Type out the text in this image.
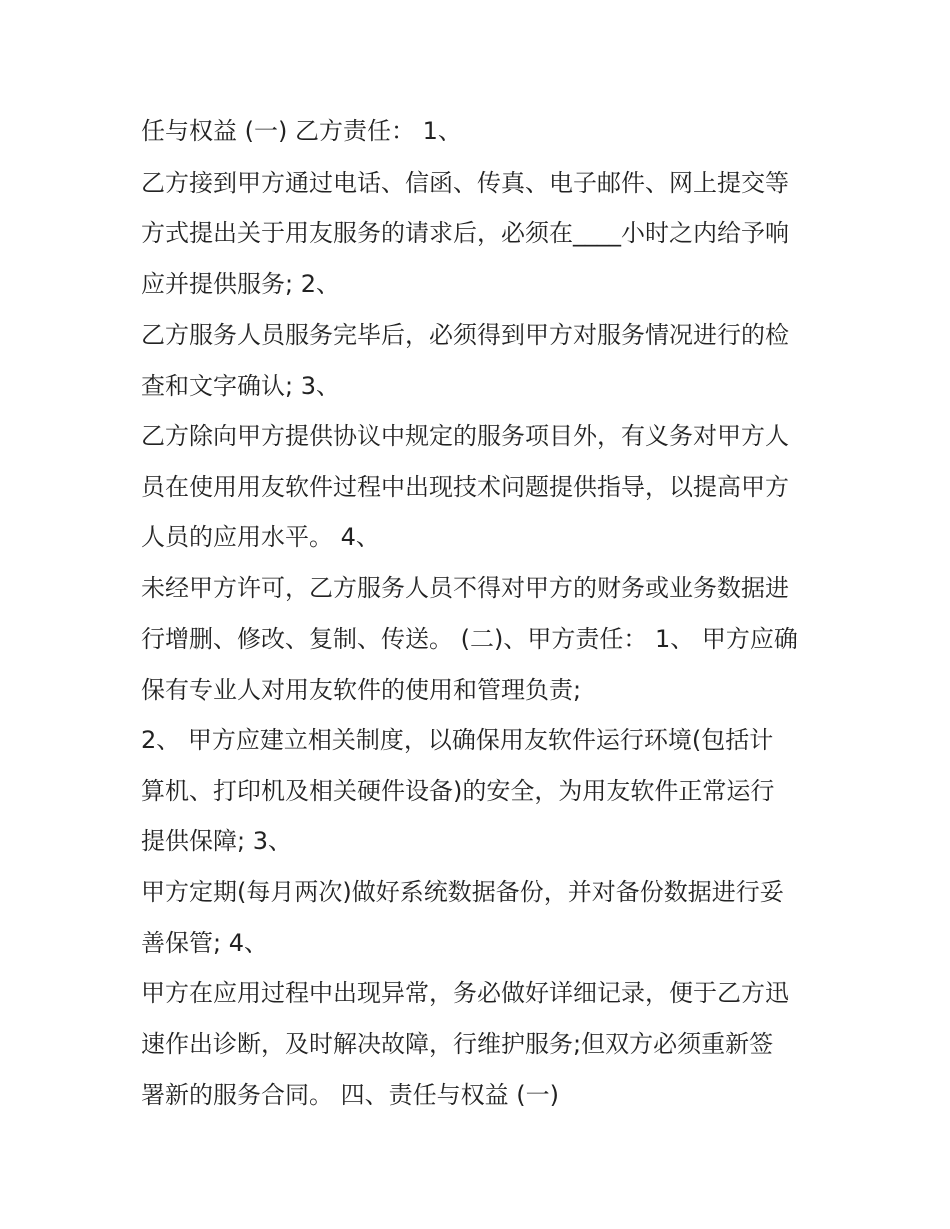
任与权益 (一) 乙方责任： 1、
乙方接到甲方通过电话、信函、传真、电子邮件、网上提交等
方式提出关于用友服务的请求后，必须在____小时之内给予响
应并提供服务; 2、
乙方服务人员服务完毕后，必须得到甲方对服务情况进行的检
查和文字确认; 3、
乙方除向甲方提供协议中规定的服务项目外，有义务对甲方人
员在使用用友软件过程中出现技术问题提供指导，以提高甲方
人员的应用水平。 4、
未经甲方许可，乙方服务人员不得对甲方的财务或业务数据进
行增删、修改、复制、传送。 (二)、甲方责任： 1、 甲方应确
保有专业人对用友软件的使用和管理负责;
2、 甲方应建立相关制度，以确保用友软件运行环境(包括计
算机、打印机及相关硬件设备)的安全，为用友软件正常运行
提供保障; 3、
甲方定期(每月两次)做好系统数据备份，并对备份数据进行妥
善保管; 4、
甲方在应用过程中出现异常，务必做好详细记录，便于乙方迅
速作出诊断，及时解决故障，行维护服务;但双方必须重新签
署新的服务合同。 四、责任与权益 (一)
